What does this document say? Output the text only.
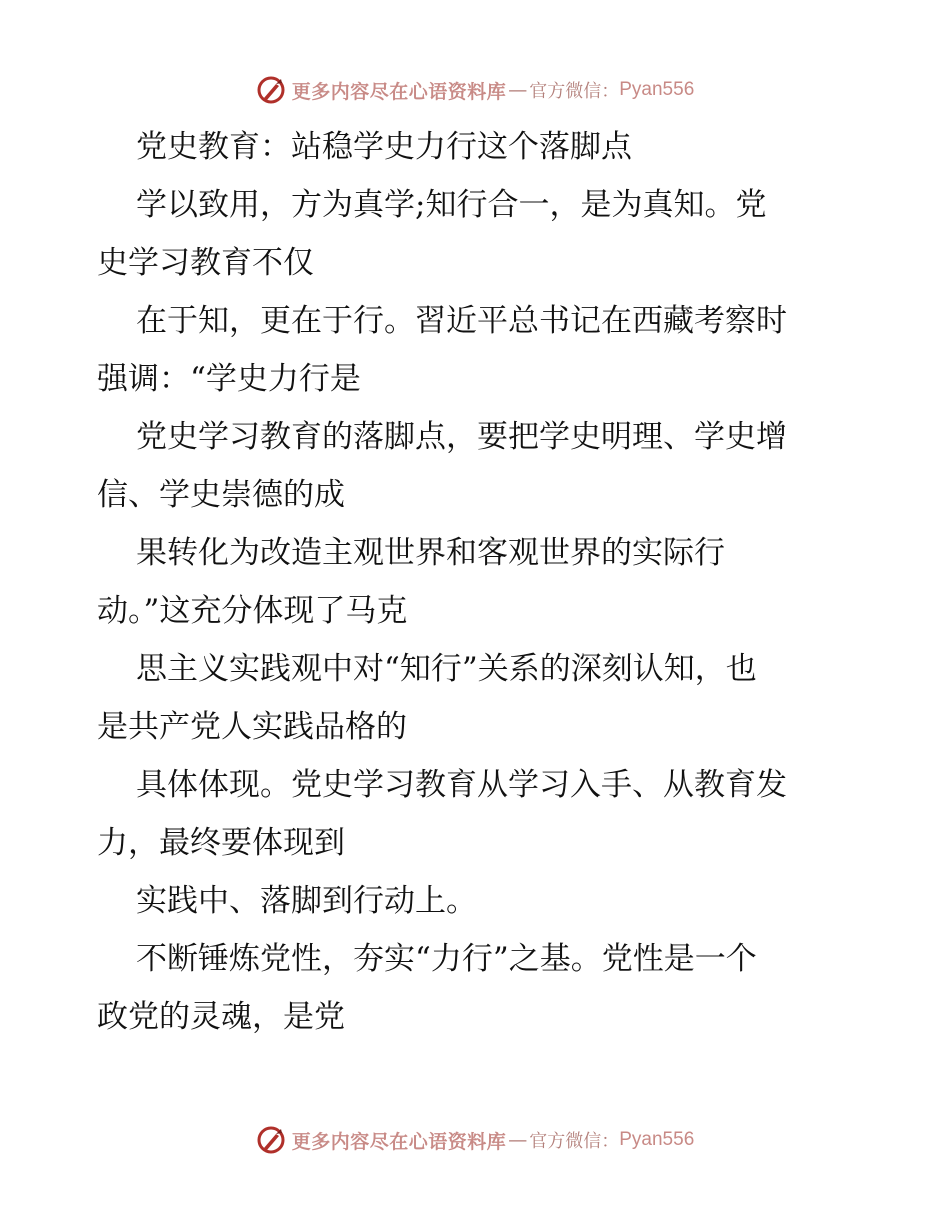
更多内容尽在心语资料库 — 官方微信： Pyan556

党史教育：站稳学史力行这个落脚点

学以致用，方为真学;知行合一，是为真知。党
史学习教育不仅

在于知，更在于行。習近平总书记在西藏考察时
强调：“学史力行是

党史学习教育的落脚点，要把学史明理、学史增
信、学史崇德的成

果转化为改造主观世界和客观世界的实际行
动。”这充分体现了马克

思主义实践观中对“知行”关系的深刻认知，也
是共产党人实践品格的

具体体现。党史学习教育从学习入手、从教育发
力，最终要体现到

实践中、落脚到行动上。

不断锤炼党性，夯实“力行”之基。党性是一个
政党的灵魂，是党

更多内容尽在心语资料库 — 官方微信： Pyan556
